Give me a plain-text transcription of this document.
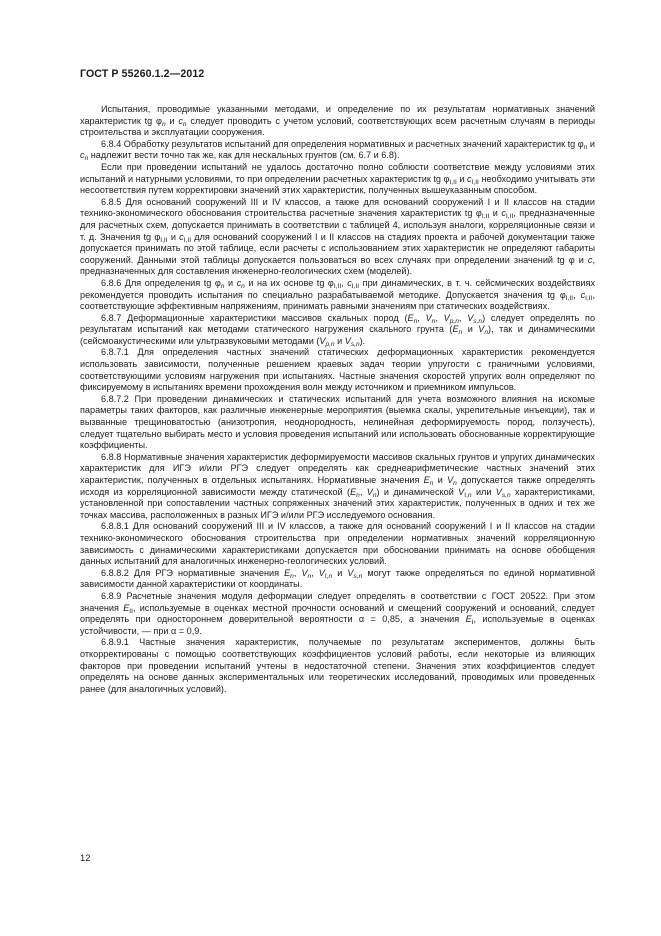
ГОСТ Р 55260.1.2—2012

Испытания, проводимые указанными методами, и определение по их результатам нормативных значений характеристик tg $\varphi_n$ и $c_n$ следует проводить с учетом условий, соответствующих всем расчетным случаям в периоды строительства и эксплуатации сооружения.

6.8.4 Обработку результатов испытаний для определения нормативных и расчетных значений характеристик tg $\varphi_n$ и $c_n$ надлежит вести точно так же, как для нескальных грунтов (см. 6.7 и 6.8).

Если при проведении испытаний не удалось достаточно полно соблюсти соответствие между условиями этих испытаний и натурными условиями, то при определении расчетных характеристик tg $\varphi_{I,II}$ и $c_{I,II}$ необходимо учитывать эти несоответствия путем корректировки значений этих характеристик, полученных вышеуказанным способом.

6.8.5 Для оснований сооружений III и IV классов, а также для оснований сооружений I и II классов на стадии технико-экономического обоснования строительства расчетные значения характеристик tg $\varphi_{I,II}$ и $c_{I,II}$, предназначенные для расчетных схем, допускается принимать в соответствии с таблицей 4, используя аналоги, корреляционные связи и т. д. Значения tg $\varphi_{I,II}$ и $c_{I,II}$ для оснований сооружений I и II классов на стадиях проекта и рабочей документации также допускается принимать по этой таблице, если расчеты с использованием этих характеристик не определяют габариты сооружений. Данными этой таблицы допускается пользоваться во всех случаях при определении значений tg φ и c, предназначенных для составления инженерно-геологических схем (моделей).

6.8.6 Для определения tg $\varphi_n$ и $c_n$ и на их основе tg $\varphi_{I,II}$, $c_{I,II}$ при динамических, в т. ч. сейсмических воздействиях рекомендуется проводить испытания по специально разрабатываемой методике. Допускается значения tg $\varphi_{I,II}$, $c_{I,II}$, соответствующие эффективным напряжениям, принимать равными значениям при статических воздействиях.

6.8.7 Деформационные характеристики массивов скальных пород ($E_n$, $V_n$, $V_{p,n}$, $V_{s,n}$) следует определять по результатам испытаний как методами статического нагружения скального грунта ($E_n$ и $V_n$), так и динамическими (сейсмоакустическими или ультразвуковыми методами ($V_{p,n}$ и $V_{s,n}$).

6.8.7.1 Для определения частных значений статических деформационных характеристик рекомендуется использовать зависимости, полученные решением краевых задач теории упругости с граничными условиями, соответствующими условиям нагружения при испытаниях. Частные значения скоростей упругих волн определяют по фиксируемому в испытаниях времени прохождения волн между источником и приемником импульсов.

6.8.7.2 При проведении динамических и статических испытаний для учета возможного влияния на искомые параметры таких факторов, как различные инженерные мероприятия (выемка скалы, укрепительные инъекции), так и вызванные трещиноватостью (анизотропия, неоднородность, нелинейная деформируемость пород, ползучесть), следует тщательно выбирать место и условия проведения испытаний или использовать обоснованные корректирующие коэффициенты.

6.8.8 Нормативные значения характеристик деформируемости массивов скальных грунтов и упругих динамических характеристик для ИГЭ и/или РГЭ следует определять как среднеарифметические частных значений этих характеристик, полученных в отдельных испытаниях. Нормативные значения $E_n$ и $V_n$ допускается также определять исходя из корреляционной зависимости между статической ($E_n$, $V_n$) и динамической $V_{I,n}$ или $V_{s,n}$ характеристиками, установленной при сопоставлении частных сопряженных значений этих характеристик, полученных в одних и тех же точках массива, расположенных в разных ИГЭ и/или РГЭ исследуемого основания.

6.8.8.1 Для оснований сооружений III и IV классов, а также для оснований сооружений I и II классов на стадии технико-экономического обоснования строительства при определении нормативных значений корреляционную зависимость с динамическими характеристиками допускается при обосновании принимать на основе обобщения данных испытаний для аналогичных инженерно-геологических условий.

6.8.8.2 Для РГЭ нормативные значения $E_n$, $V_n$, $V_{I,n}$ и $V_{s,n}$ могут также определяться по единой нормативной зависимости данной характеристики от координаты.

6.8.9 Расчетные значения модуля деформации следует определять в соответствии с ГОСТ 20522. При этом значения $E_{II}$, используемые в оценках местной прочности оснований и смещений сооружений и оснований, следует определять при одностороннем доверительной вероятности α = 0,85, а значения $E_I$, используемые в оценках устойчивости, — при α = 0,9.

6.8.9.1 Частные значения характеристик, получаемые по результатам экспериментов, должны быть откорректированы с помощью соответствующих коэффициентов условий работы, если некоторые из влияющих факторов при проведении испытаний учтены в недостаточной степени. Значения этих коэффициентов следует определять на основе данных экспериментальных или теоретических исследований, проводимых или проведенных ранее (для аналогичных условий).

12
